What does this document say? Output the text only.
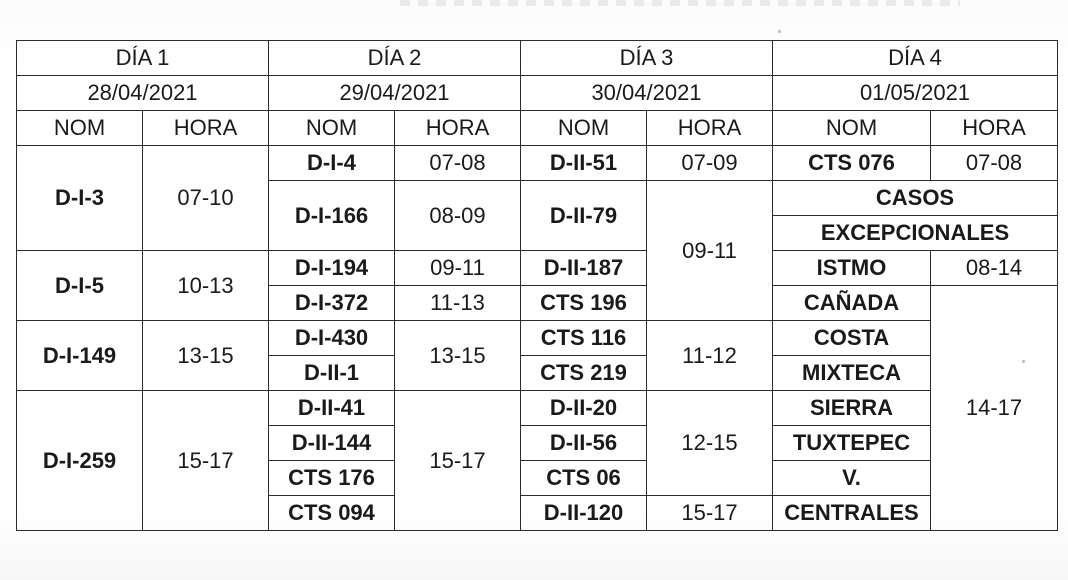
DÍA 1		DÍA 2		DÍA 3		DÍA 4	
28/04/2021		29/04/2021		30/04/2021		01/05/2021	
NOM	HORA	NOM	HORA	NOM	HORA	NOM	HORA
D-I-3	07-10	D-I-4	07-08	D-II-51	07-09	CTS 076	07-08
		D-I-166	08-09	D-II-79	09-11	CASOS	
						EXCEPCIONALES	
D-I-5	10-13	D-I-194	09-11	D-II-187		ISTMO	08-14
		D-I-372	11-13	CTS 196		CAÑADA	14-17
D-I-149	13-15	D-I-430	13-15	CTS 116	11-12	COSTA	
		D-II-1		CTS 219		MIXTECA	
D-I-259	15-17	D-II-41	15-17	D-II-20	12-15	SIERRA	
		D-II-144		D-II-56		TUXTEPEC	
		CTS 176		CTS 06		V.	
		CTS 094		D-II-120	15-17	CENTRALES	
